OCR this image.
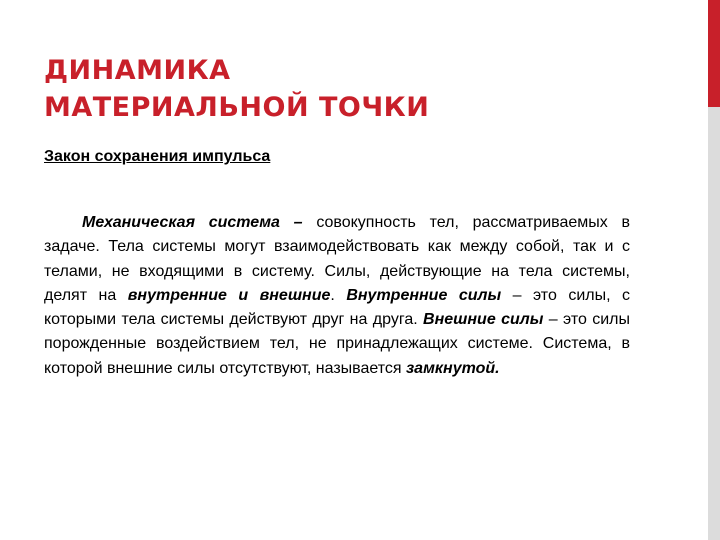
ДИНАМИКА
МАТЕРИАЛЬНОЙ ТОЧКИ

Закон сохранения импульса

Механическая система – совокупность тел, рассматриваемых в задаче. Тела системы могут взаимодействовать как между собой, так и с телами, не входящими в систему. Силы, действующие на тела системы, делят на внутренние и внешние. Внутренние силы – это силы, с которыми тела системы действуют друг на друга. Внешние силы – это силы порожденные воздействием тел, не принадлежащих системе. Система, в которой внешние силы отсутствуют, называется замкнутой.
